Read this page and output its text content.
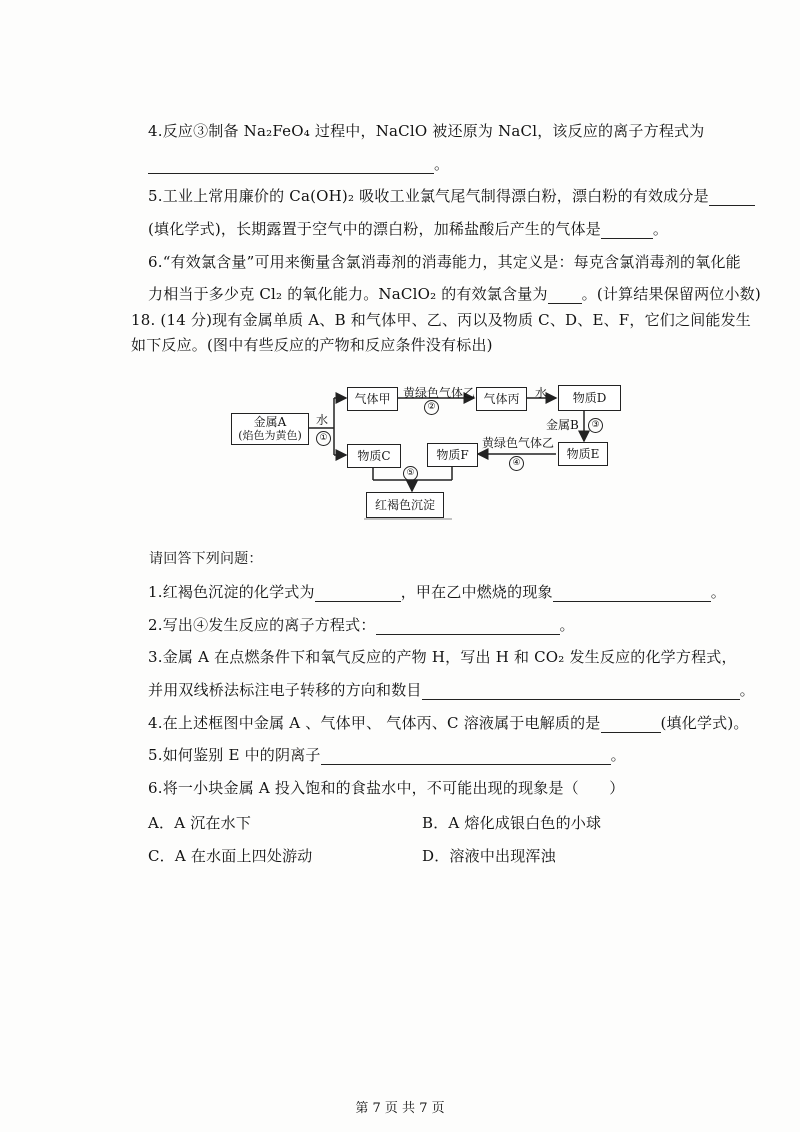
4.反应③制备 Na₂FeO₄ 过程中，NaClO 被还原为 NaCl，该反应的离子方程式为
。
5.工业上常用廉价的 Ca(OH)₂ 吸收工业氯气尾气制得漂白粉，漂白粉的有效成分是
(填化学式)，长期露置于空气中的漂白粉，加稀盐酸后产生的气体是	。
6.“有效氯含量”可用来衡量含氯消毒剂的消毒能力，其定义是：每克含氯消毒剂的氧化能
力相当于多少克 Cl₂ 的氧化能力。NaClO₂ 的有效氯含量为 。(计算结果保留两位小数)
18. (14 分)现有金属单质 A、B 和气体甲、乙、丙以及物质 C、D、E、F，它们之间能发生
如下反应。(图中有些反应的产物和反应条件没有标出)
金属A
(焰色为黄色)
水
①
气体甲	黄绿色气体乙
②
气体丙	水	物质D
金属B	③
物质E
黄绿色气体乙
④
物质C	物质F
⑤
红褐色沉淀
请回答下列问题：
1.红褐色沉淀的化学式为	，甲在乙中燃烧的现象	。
2.写出④发生反应的离子方程式：	。
3.金属 A 在点燃条件下和氧气反应的产物 H，写出 H 和 CO₂ 发生反应的化学方程式，
并用双线桥法标注电子转移的方向和数目	。
4.在上述框图中金属 A 、气体甲、 气体丙、C 溶液属于电解质的是	(填化学式)。
5.如何鉴别 E 中的阴离子	。
6.将一小块金属 A 投入饱和的食盐水中，不可能出现的现象是（　　）
A．A 沉在水下	B．A 熔化成银白色的小球
C．A 在水面上四处游动	D．溶液中出现浑浊
第 7 页 共 7 页
